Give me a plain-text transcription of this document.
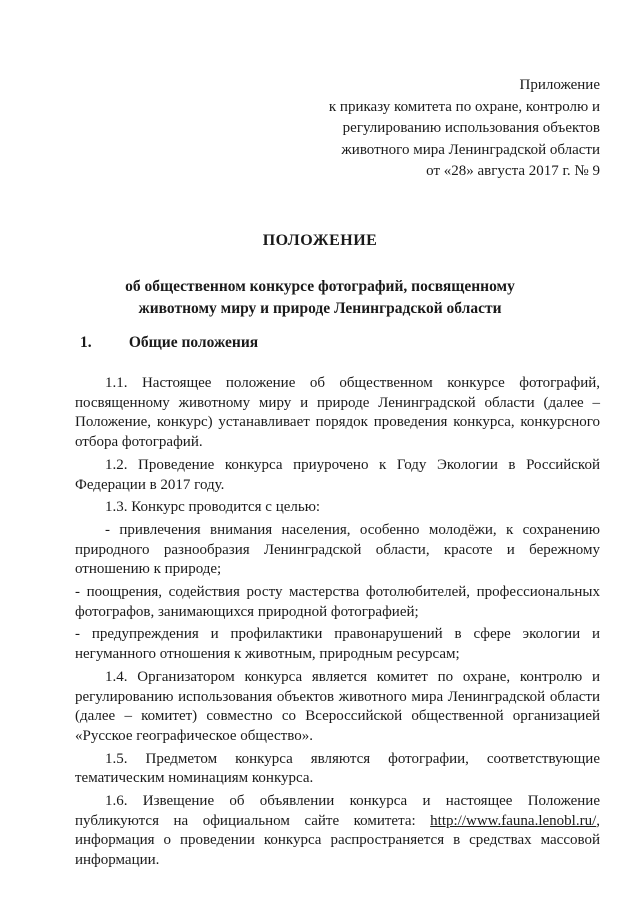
Приложение
к приказу комитета по охране, контролю и
регулированию использования объектов
животного мира Ленинградской области
от «28» августа 2017 г. № 9
ПОЛОЖЕНИЕ
об общественном конкурсе фотографий, посвященному
животному миру и природе Ленинградской области
1. Общие положения
1.1. Настоящее положение об общественном конкурсе фотографий, посвященному животному миру и природе Ленинградской области (далее – Положение, конкурс) устанавливает порядок проведения конкурса, конкурсного отбора фотографий.
1.2. Проведение конкурса приурочено к Году Экологии в Российской Федерации в 2017 году.
1.3. Конкурс проводится с целью:
- привлечения внимания населения, особенно молодёжи, к сохранению природного разнообразия Ленинградской области, красоте и бережному отношению к природе;
- поощрения, содействия росту мастерства фотолюбителей, профессиональных фотографов, занимающихся природной фотографией;
- предупреждения и профилактики правонарушений в сфере экологии и негуманного отношения к животным, природным ресурсам;
1.4. Организатором конкурса является комитет по охране, контролю и регулированию использования объектов животного мира Ленинградской области (далее – комитет) совместно со Всероссийской общественной организацией «Русское географическое общество».
1.5. Предметом конкурса являются фотографии, соответствующие тематическим номинациям конкурса.
1.6. Извещение об объявлении конкурса и настоящее Положение публикуются на официальном сайте комитета: http://www.fauna.lenobl.ru/, информация о проведении конкурса распространяется в средствах массовой информации.
